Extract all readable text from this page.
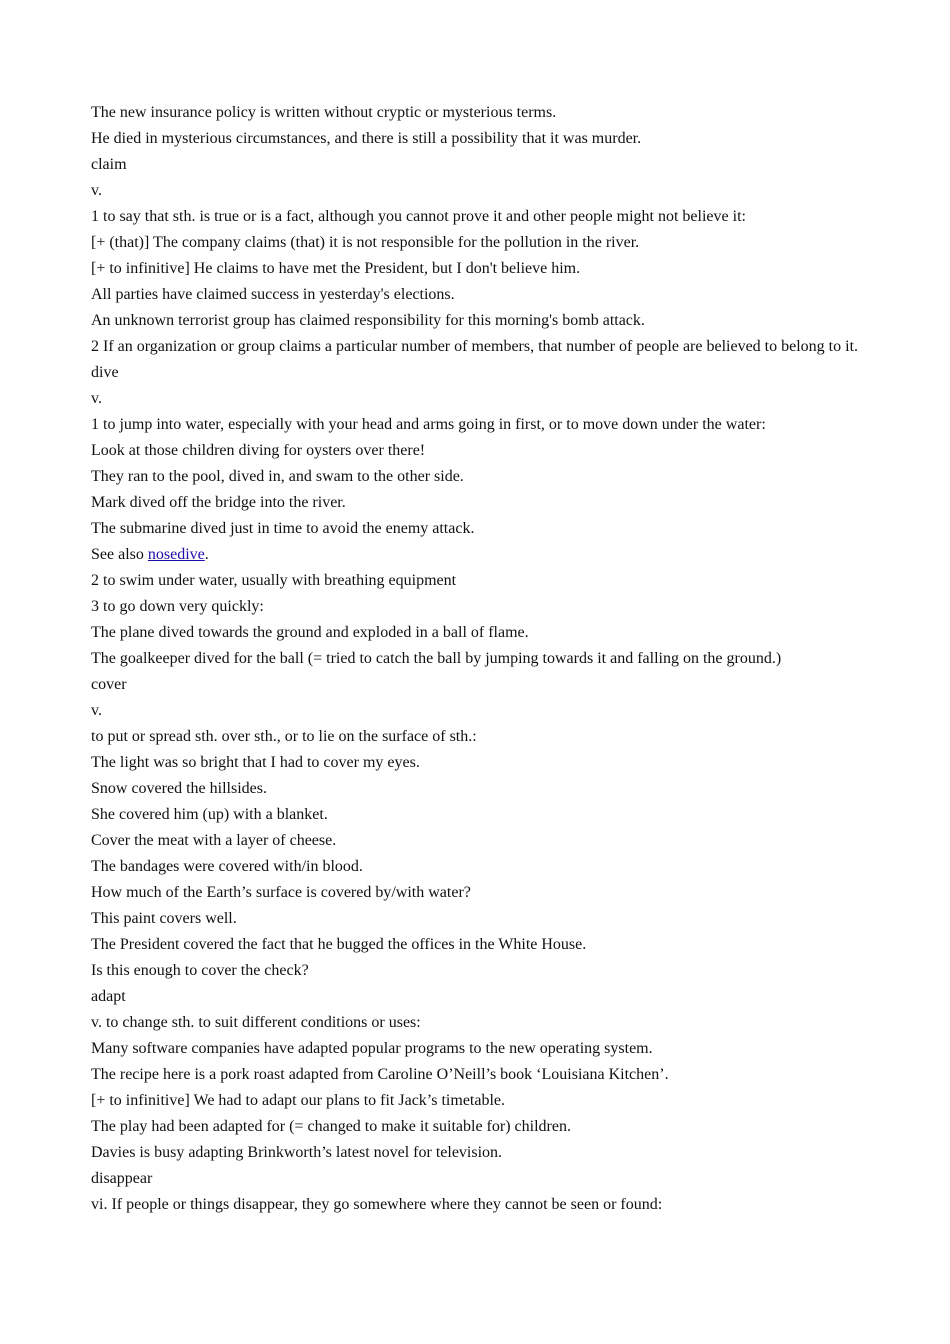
The new insurance policy is written without cryptic or mysterious terms.
He died in mysterious circumstances, and there is still a possibility that it was murder.
claim
v.
1 to say that sth. is true or is a fact, although you cannot prove it and other people might not believe it:
[+ (that)] The company claims (that) it is not responsible for the pollution in the river.
[+ to infinitive] He claims to have met the President, but I don't believe him.
All parties have claimed success in yesterday's elections.
An unknown terrorist group has claimed responsibility for this morning's bomb attack.
2 If an organization or group claims a particular number of members, that number of people are believed to belong to it.
dive
v.
1 to jump into water, especially with your head and arms going in first, or to move down under the water:
Look at those children diving for oysters over there!
They ran to the pool, dived in, and swam to the other side.
Mark dived off the bridge into the river.
The submarine dived just in time to avoid the enemy attack.
See also nosedive.
2 to swim under water, usually with breathing equipment
3 to go down very quickly:
The plane dived towards the ground and exploded in a ball of flame.
The goalkeeper dived for the ball (= tried to catch the ball by jumping towards it and falling on the ground.)
cover
v.
to put or spread sth. over sth., or to lie on the surface of sth.:
The light was so bright that I had to cover my eyes.
Snow covered the hillsides.
She covered him (up) with a blanket.
Cover the meat with a layer of cheese.
The bandages were covered with/in blood.
How much of the Earth’s surface is covered by/with water?
This paint covers well.
The President covered the fact that he bugged the offices in the White House.
Is this enough to cover the check?
adapt
v. to change sth. to suit different conditions or uses:
Many software companies have adapted popular programs to the new operating system.
The recipe here is a pork roast adapted from Caroline O’Neill’s book ‘Louisiana Kitchen’.
[+ to infinitive] We had to adapt our plans to fit Jack’s timetable.
The play had been adapted for (= changed to make it suitable for) children.
Davies is busy adapting Brinkworth’s latest novel for television.
disappear
vi. If people or things disappear, they go somewhere where they cannot be seen or found:
